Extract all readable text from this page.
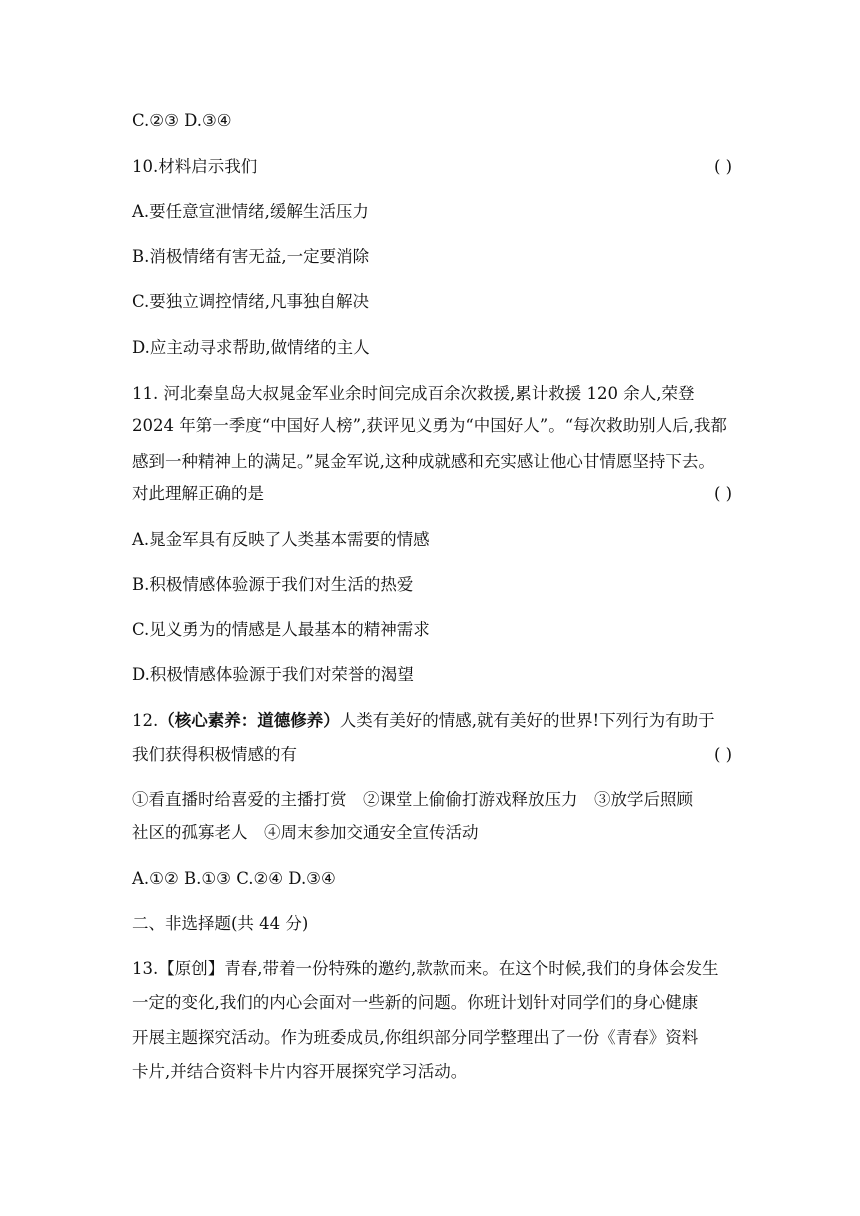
C.②③ D.③④
10.材料启示我们	( )
A.要任意宣泄情绪,缓解生活压力
B.消极情绪有害无益,一定要消除
C.要独立调控情绪,凡事独自解决
D.应主动寻求帮助,做情绪的主人
11. 河北秦皇岛大叔晁金军业余时间完成百余次救援,累计救援 120 余人,荣登
2024 年第一季度“中国好人榜”,获评见义勇为“中国好人”。“每次救助别人后,我都
感到一种精神上的满足。”晁金军说,这种成就感和充实感让他心甘情愿坚持下去。
对此理解正确的是	( )
A.晁金军具有反映了人类基本需要的情感
B.积极情感体验源于我们对生活的热爱
C.见义勇为的情感是人最基本的精神需求
D.积极情感体验源于我们对荣誉的渴望
12.（核心素养：道德修养）人类有美好的情感,就有美好的世界!下列行为有助于
我们获得积极情感的有	( )
①看直播时给喜爱的主播打赏　②课堂上偷偷打游戏释放压力　③放学后照顾
社区的孤寡老人　④周末参加交通安全宣传活动
A.①② B.①③ C.②④ D.③④
二、非选择题(共 44 分)
13.【原创】青春,带着一份特殊的邀约,款款而来。在这个时候,我们的身体会发生
一定的变化,我们的内心会面对一些新的问题。你班计划针对同学们的身心健康
开展主题探究活动。作为班委成员,你组织部分同学整理出了一份《青春》资料
卡片,并结合资料卡片内容开展探究学习活动。
